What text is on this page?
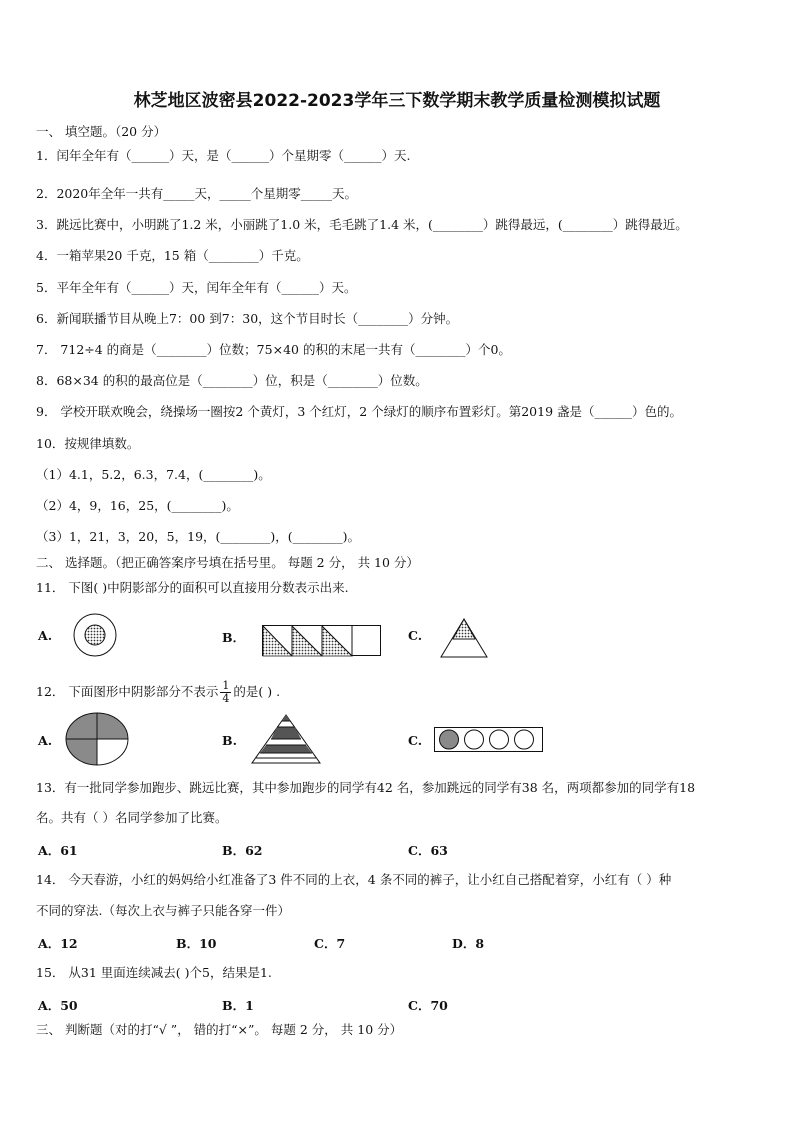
林芝地区波密县2022-2023学年三下数学期末教学质量检测模拟试题
一、 填空题。（20 分）
1．闰年全年有（______）天，是（______）个星期零（______）天.
2．2020年全年一共有_____天，_____个星期零_____天。
3．跳远比赛中，小明跳了1.2 米，小丽跳了1.0 米，毛毛跳了1.4 米，(________）跳得最远，(________）跳得最近。
4．一箱苹果20 千克，15 箱（________）千克。
5．平年全年有（______）天，闰年全年有（______）天。
6．新闻联播节目从晚上7：00 到7：30，这个节目时长（________）分钟。
7． 712÷4 的商是（________）位数；75×40 的积的末尾一共有（________）个0。
8．68×34 的积的最高位是（________）位，积是（________）位数。
9． 学校开联欢晚会，绕操场一圈按2 个黄灯，3 个红灯，2 个绿灯的顺序布置彩灯。第2019 盏是（______）色的。
10．按规律填数。
（1）4.1，5.2，6.3，7.4，(________)。
（2）4，9，16，25，(________)。
（3）1，21，3，20，5，19，(________)，(________)。
二、 选择题。（把正确答案序号填在括号里。 每题 2 分， 共 10 分）
11． 下图( )中阴影部分的面积可以直接用分数表示出来.
A.	B．	C.
12． 下面图形中阴影部分不表示 $\frac{1}{4}$ 的是( ) .
A.	B.	C.
13．有一批同学参加跑步、跳远比赛，其中参加跑步的同学有42 名，参加跳远的同学有38 名，两项都参加的同学有18
名。共有（ ）名同学参加了比赛。
A．61	B．62	C．63
14． 今天春游，小红的妈妈给小红准备了3 件不同的上衣，4 条不同的裤子，让小红自己搭配着穿，小红有（ ）种
不同的穿法.（每次上衣与裤子只能各穿一件）
A．12	B．10	C．7	D．8
15． 从31 里面连续减去( )个5，结果是1.
A．50	B．1	C．70
三、 判断题（对的打“√ ”， 错的打“×”。 每题 2 分， 共 10 分）
